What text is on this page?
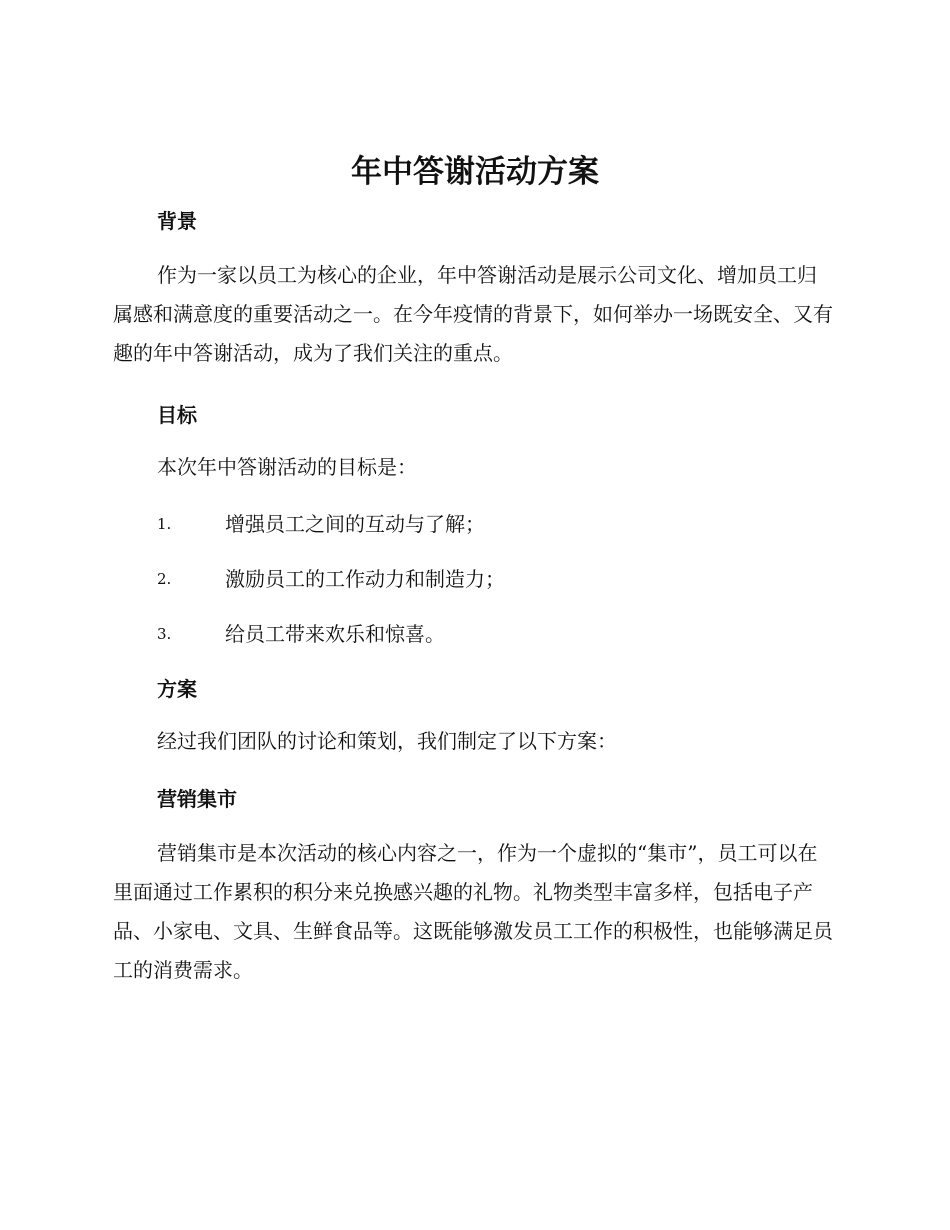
年中答谢活动方案
背景

作为一家以员工为核心的企业，年中答谢活动是展示公司文化、增加员工归属感和满意度的重要活动之一。在今年疫情的背景下，如何举办一场既安全、又有趣的年中答谢活动，成为了我们关注的重点。

目标

本次年中答谢活动的目标是：

1.	增强员工之间的互动与了解；
2.	激励员工的工作动力和制造力；
3.	给员工带来欢乐和惊喜。
方案

经过我们团队的讨论和策划，我们制定了以下方案：

营销集市

营销集市是本次活动的核心内容之一，作为一个虚拟的“集市”，员工可以在里面通过工作累积的积分来兑换感兴趣的礼物。礼物类型丰富多样，包括电子产品、小家电、文具、生鲜食品等。这既能够激发员工工作的积极性，也能够满足员工的消费需求。
